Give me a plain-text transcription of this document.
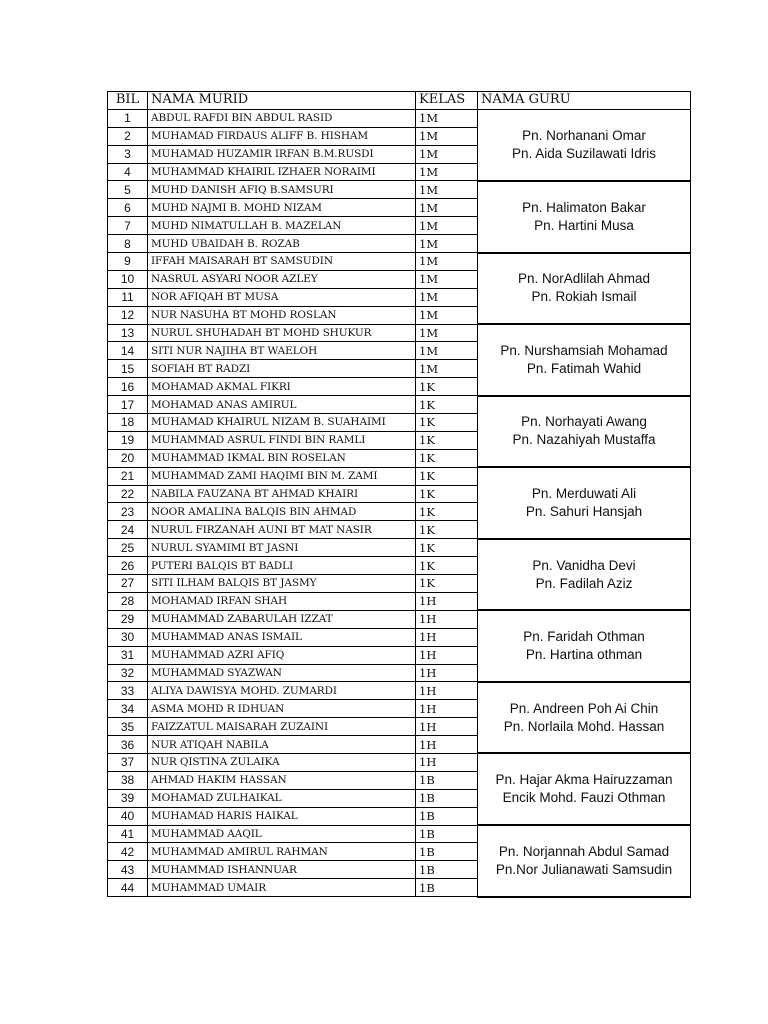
BIL	NAMA MURID	KELAS	NAMA GURU
1	ABDUL RAFDI BIN ABDUL RASID	1M	Pn. Norhanani Omar
Pn. Aida Suzilawati Idris

2	MUHAMAD FIRDAUS ALIFF B. HISHAM	1M	
3	MUHAMAD HUZAMIR IRFAN B.M.RUSDI	1M	
4	MUHAMMAD KHAIRIL IZHAER NORAIMI	1M	
5	MUHD DANISH AFIQ B.SAMSURI	1M	Pn. Halimaton Bakar
Pn. Hartini Musa

6	MUHD NAJMI B. MOHD NIZAM	1M	
7	MUHD NIMATULLAH B. MAZELAN	1M	
8	MUHD UBAIDAH B. ROZAB	1M	
9	IFFAH MAISARAH BT SAMSUDIN	1M	Pn. NorAdlilah Ahmad
Pn. Rokiah Ismail

10	NASRUL ASYARI NOOR AZLEY	1M	
11	NOR AFIQAH BT MUSA	1M	
12	NUR NASUHA BT MOHD ROSLAN	1M	
13	NURUL SHUHADAH BT MOHD SHUKUR	1M	Pn. Nurshamsiah Mohamad
Pn. Fatimah Wahid

14	SITI NUR NAJIHA BT WAELOH	1M	
15	SOFIAH BT RADZI	1M	
16	MOHAMAD AKMAL FIKRI	1K	
17	MOHAMAD ANAS AMIRUL	1K	Pn. Norhayati Awang
Pn. Nazahiyah Mustaffa

18	MUHAMAD KHAIRUL NIZAM B. SUAHAIMI	1K	
19	MUHAMMAD ASRUL FINDI BIN RAMLI	1K	
20	MUHAMMAD IKMAL BIN ROSELAN	1K	
21	MUHAMMAD ZAMI HAQIMI BIN M. ZAMI	1K	Pn. Merduwati Ali
Pn. Sahuri Hansjah

22	NABILA FAUZANA BT AHMAD KHAIRI	1K	
23	NOOR AMALINA BALQIS BIN AHMAD	1K	
24	NURUL FIRZANAH AUNI BT MAT NASIR	1K	
25	NURUL SYAMIMI BT JASNI	1K	Pn. Vanidha Devi
Pn. Fadilah Aziz

26	PUTERI BALQIS BT BADLI	1K	
27	SITI ILHAM BALQIS BT JASMY	1K	
28	MOHAMAD IRFAN SHAH	1H	
29	MUHAMMAD ZABARULAH IZZAT	1H	Pn. Faridah Othman
Pn. Hartina othman

30	MUHAMMAD ANAS ISMAIL	1H	
31	MUHAMMAD AZRI AFIQ	1H	
32	MUHAMMAD SYAZWAN	1H	
33	ALIYA DAWISYA MOHD. ZUMARDI	1H	Pn. Andreen Poh Ai Chin
Pn. Norlaila Mohd. Hassan

34	ASMA MOHD R IDHUAN	1H	
35	FAIZZATUL MAISARAH ZUZAINI	1H	
36	NUR ATIQAH NABILA	1H	
37	NUR QISTINA ZULAIKA	1H	Pn. Hajar Akma Hairuzzaman
Encik Mohd. Fauzi Othman

38	AHMAD HAKIM HASSAN	1B	
39	MOHAMAD ZULHAIKAL	1B	
40	MUHAMAD HARIS HAIKAL	1B	
41	MUHAMMAD AAQIL	1B	Pn. Norjannah Abdul Samad
Pn.Nor Julianawati Samsudin

42	MUHAMMAD AMIRUL RAHMAN	1B	
43	MUHAMMAD ISHANNUAR	1B	
44	MUHAMMAD UMAIR	1B	
